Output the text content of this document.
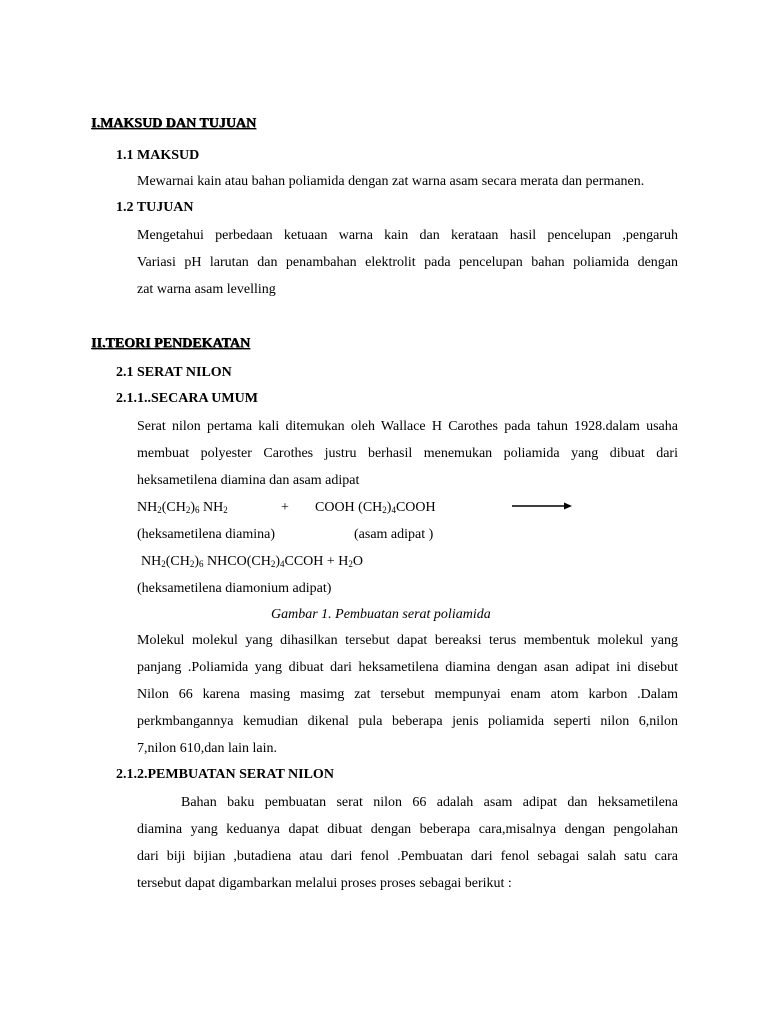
I.MAKSUD DAN TUJUAN
1.1 MAKSUD
Mewarnai kain atau bahan poliamida dengan zat warna asam secara merata dan permanen.
1.2 TUJUAN
Mengetahui perbedaan ketuaan warna kain dan kerataan hasil pencelupan ,pengaruh
Variasi pH larutan dan penambahan elektrolit pada pencelupan bahan poliamida dengan
zat warna asam levelling
II.TEORI PENDEKATAN
2.1 SERAT NILON
2.1.1..SECARA UMUM
Serat nilon pertama kali ditemukan oleh Wallace H Carothes pada tahun 1928.dalam usaha
membuat polyester Carothes justru berhasil menemukan poliamida yang dibuat dari
heksametilena diamina dan asam adipat
$NH_2(CH_2)_6$ $NH_2$	+ COOH $(CH_2)_4COOH$
(heksametilena diamina)	(asam adipat )
$NH_2(CH_2)_6$ $NHCO(CH_2)_4CCOH + H_2O$
(heksametilena diamonium adipat)
Gambar 1. Pembuatan serat poliamida
Molekul molekul yang dihasilkan tersebut dapat bereaksi terus membentuk molekul yang
panjang .Poliamida yang dibuat dari heksametilena diamina dengan asan adipat ini disebut
Nilon 66 karena masing masimg zat tersebut mempunyai enam atom karbon .Dalam
perkmbangannya kemudian dikenal pula beberapa jenis poliamida seperti nilon 6,nilon
7,nilon 610,dan lain lain.
2.1.2.PEMBUATAN SERAT NILON
Bahan baku pembuatan serat nilon 66 adalah asam adipat dan heksametilena
diamina yang keduanya dapat dibuat dengan beberapa cara,misalnya dengan pengolahan
dari biji bijian ,butadiena atau dari fenol .Pembuatan dari fenol sebagai salah satu cara
tersebut dapat digambarkan melalui proses proses sebagai berikut :
